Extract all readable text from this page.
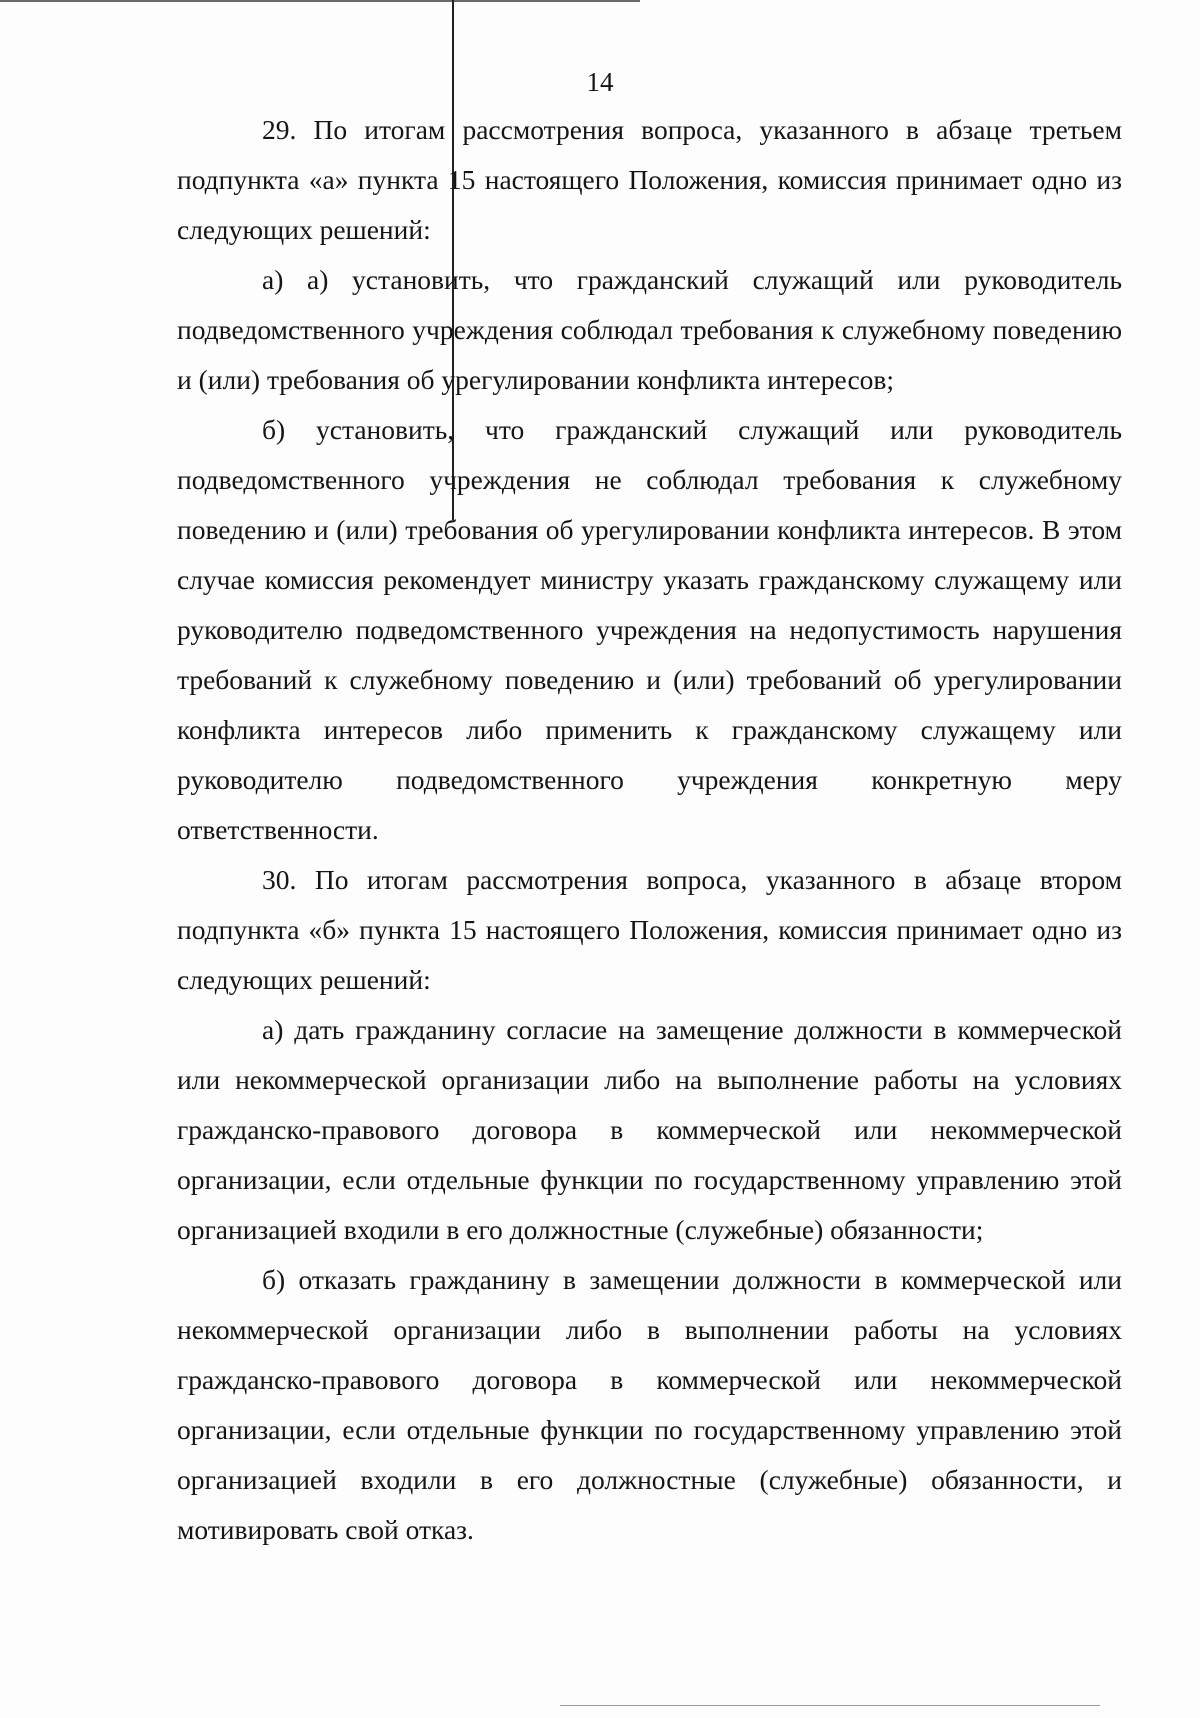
14

29. По итогам рассмотрения вопроса, указанного в абзаце третьем подпункта «а» пункта 15 настоящего Положения, комиссия принимает одно из следующих решений:

а) а) установить, что гражданский служащий или руководитель подведомственного учреждения соблюдал требования к служебному поведению и (или) требования об урегулировании конфликта интересов;

б) установить, что гражданский служащий или руководитель подведомственного учреждения не соблюдал требования к служебному поведению и (или) требования об урегулировании конфликта интересов. В этом случае комиссия рекомендует министру указать гражданскому служащему или руководителю подведомственного учреждения на недопустимость нарушения требований к служебному поведению и (или) требований об урегулировании конфликта интересов либо применить к гражданскому служащему или руководителю подведомственного учреждения конкретную меру ответственности.

30. По итогам рассмотрения вопроса, указанного в абзаце втором подпункта «б» пункта 15 настоящего Положения, комиссия принимает одно из следующих решений:

а) дать гражданину согласие на замещение должности в коммерческой или некоммерческой организации либо на выполнение работы на условиях гражданско-правового договора в коммерческой или некоммерческой организации, если отдельные функции по государственному управлению этой организацией входили в его должностные (служебные) обязанности;

б) отказать гражданину в замещении должности в коммерческой или некоммерческой организации либо в выполнении работы на условиях гражданско-правового договора в коммерческой или некоммерческой организации, если отдельные функции по государственному управлению этой организацией входили в его должностные (служебные) обязанности, и мотивировать свой отказ.
